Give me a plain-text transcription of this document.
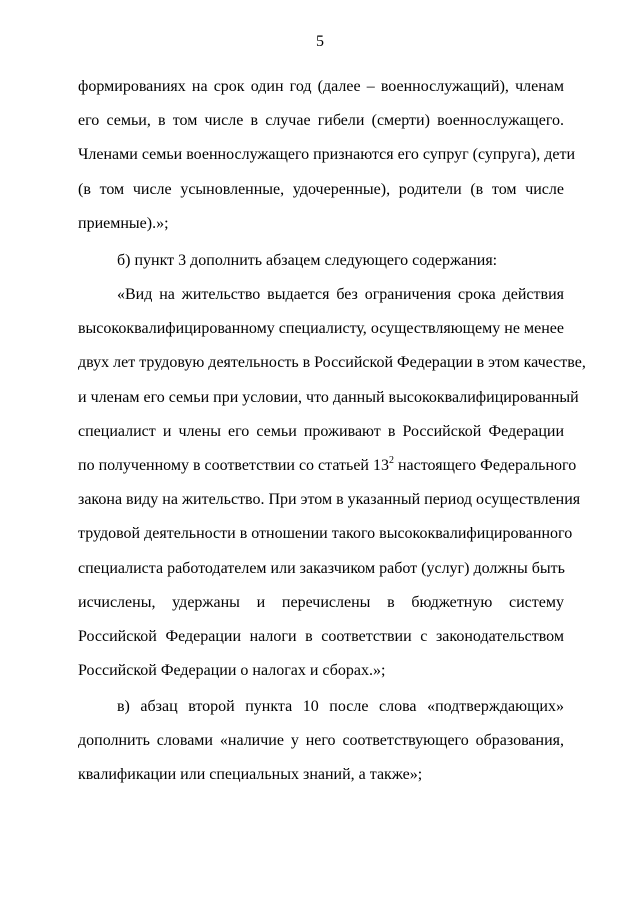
5
формированиях на срок один год (далее – военнослужащий), членам
его семьи, в том числе в случае гибели (смерти) военнослужащего.
Членами семьи военнослужащего признаются его супруг (супруга), дети
(в том числе усыновленные, удочеренные), родители (в том числе
приемные).»;
б) пункт 3 дополнить абзацем следующего содержания:
«Вид на жительство выдается без ограничения срока действия
высококвалифицированному специалисту, осуществляющему не менее
двух лет трудовую деятельность в Российской Федерации в этом качестве,
и членам его семьи при условии, что данный высококвалифицированный
специалист и члены его семьи проживают в Российской Федерации
по полученному в соответствии со статьей $13^2$ настоящего Федерального
закона виду на жительство. При этом в указанный период осуществления
трудовой деятельности в отношении такого высококвалифицированного
специалиста работодателем или заказчиком работ (услуг) должны быть
исчислены, удержаны и перечислены в бюджетную систему
Российской Федерации налоги в соответствии с законодательством
Российской Федерации о налогах и сборах.»;
в) абзац второй пункта 10 после слова «подтверждающих»
дополнить словами «наличие у него соответствующего образования,
квалификации или специальных знаний, а также»;
